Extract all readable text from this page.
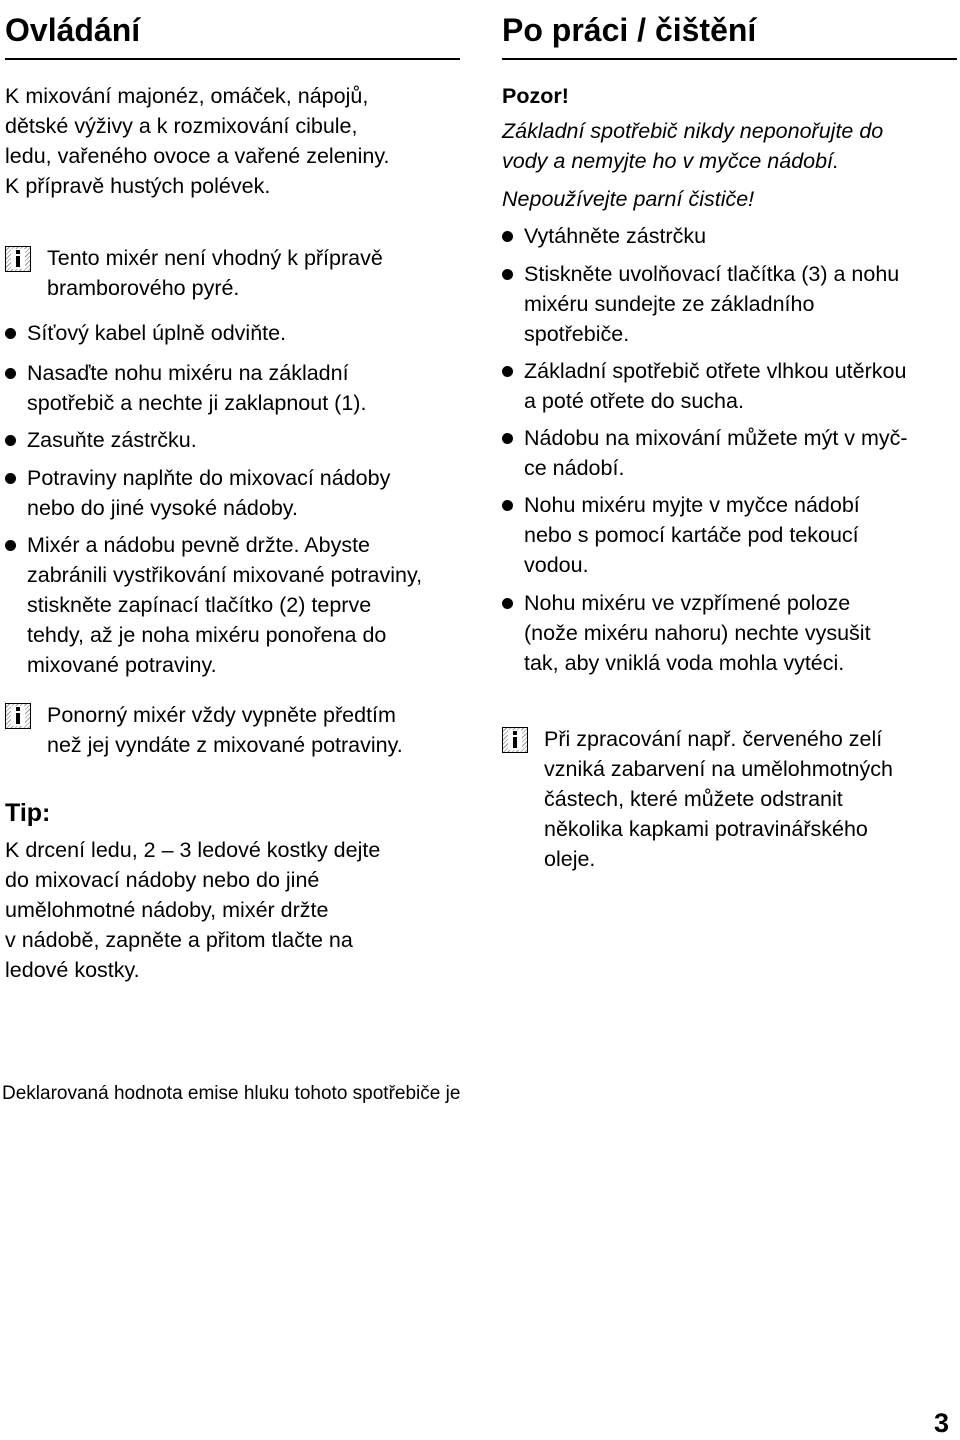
Ovládání
K mixování majonéz, omáček, nápojů,
dětské výživy a k rozmixování cibule,
ledu, vařeného ovoce a vařené zeleniny.
K přípravě hustých polévek.
Tento mixér není vhodný k přípravě
bramborového pyré.
Síťový kabel úplně odviňte.
Nasaďte nohu mixéru na základní
spotřebič a nechte ji zaklapnout (1).
Zasuňte zástrčku.
Potraviny naplňte do mixovací nádoby
nebo do jiné vysoké nádoby.
Mixér a nádobu pevně držte. Abyste
zabránili vystřikování mixované potraviny,
stiskněte zapínací tlačítko (2) teprve
tehdy, až je noha mixéru ponořena do
mixované potraviny.
Ponorný mixér vždy vypněte předtím
než jej vyndáte z mixované potraviny.
Tip:
K drcení ledu, 2 – 3 ledové kostky dejte
do mixovací nádoby nebo do jiné
umělohmotné nádoby, mixér držte
v nádobě, zapněte a přitom tlačte na
ledové kostky.
Po práci / čištění
Pozor!
Základní spotřebič nikdy neponořujte do
vody a nemyjte ho v myčce nádobí.
Nepoužívejte parní čističe!
Vytáhněte zástrčku
Stiskněte uvolňovací tlačítka (3) a nohu
mixéru sundejte ze základního
spotřebiče.
Základní spotřebič otřete vlhkou utěrkou
a poté otřete do sucha.
Nádobu na mixování můžete mýt v myč-
ce nádobí.
Nohu mixéru myjte v myčce nádobí
nebo s pomocí kartáče pod tekoucí
vodou.
Nohu mixéru ve vzpřímené poloze
(nože mixéru nahoru) nechte vysušit
tak, aby vniklá voda mohla vytéci.
Při zpracování např. červeného zelí
vzniká zabarvení na umělohmotných
částech, které můžete odstranit
několika kapkami potravinářského
oleje.
Deklarovaná hodnota emise hluku tohoto spotřebiče je
3
